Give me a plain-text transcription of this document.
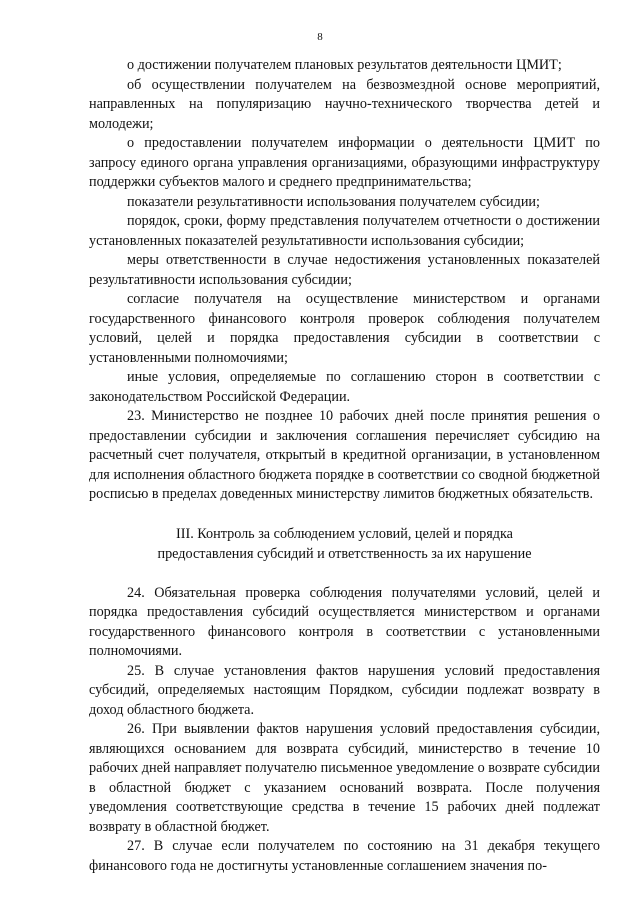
8

о достижении получателем плановых результатов деятельности ЦМИТ;

об осуществлении получателем на безвозмездной основе мероприятий, направленных на популяризацию научно-технического творчества детей и молодежи;

о предоставлении получателем информации о деятельности ЦМИТ по запросу единого органа управления организациями, образующими инфраструктуру поддержки субъектов малого и среднего предпринимательства;

показатели результативности использования получателем субсидии;

порядок, сроки, форму представления получателем отчетности о достижении установленных показателей результативности использования субсидии;

меры ответственности в случае недостижения установленных показателей результативности использования субсидии;

согласие получателя на осуществление министерством и органами государственного финансового контроля проверок соблюдения получателем условий, целей и порядка предоставления субсидии в соответствии с установленными полномочиями;

иные условия, определяемые по соглашению сторон в соответствии с законодательством Российской Федерации.

23. Министерство не позднее 10 рабочих дней после принятия решения о предоставлении субсидии и заключения соглашения перечисляет субсидию на расчетный счет получателя, открытый в кредитной организации, в установленном для исполнения областного бюджета порядке в соответствии со сводной бюджетной росписью в пределах доведенных министерству лимитов бюджетных обязательств.

III. Контроль за соблюдением условий, целей и порядка
предоставления субсидий и ответственность за их нарушение

24. Обязательная проверка соблюдения получателями условий, целей и порядка предоставления субсидий осуществляется министерством и органами государственного финансового контроля в соответствии с установленными полномочиями.

25. В случае установления фактов нарушения условий предоставления субсидий, определяемых настоящим Порядком, субсидии подлежат возврату в доход областного бюджета.

26. При выявлении фактов нарушения условий предоставления субсидии, являющихся основанием для возврата субсидий, министерство в течение 10 рабочих дней направляет получателю письменное уведомление о возврате субсидии в областной бюджет с указанием оснований возврата. После получения уведомления соответствующие средства в течение 15 рабочих дней подлежат возврату в областной бюджет.

27. В случае если получателем по состоянию на 31 декабря текущего финансового года не достигнуты установленные соглашением значения по-
